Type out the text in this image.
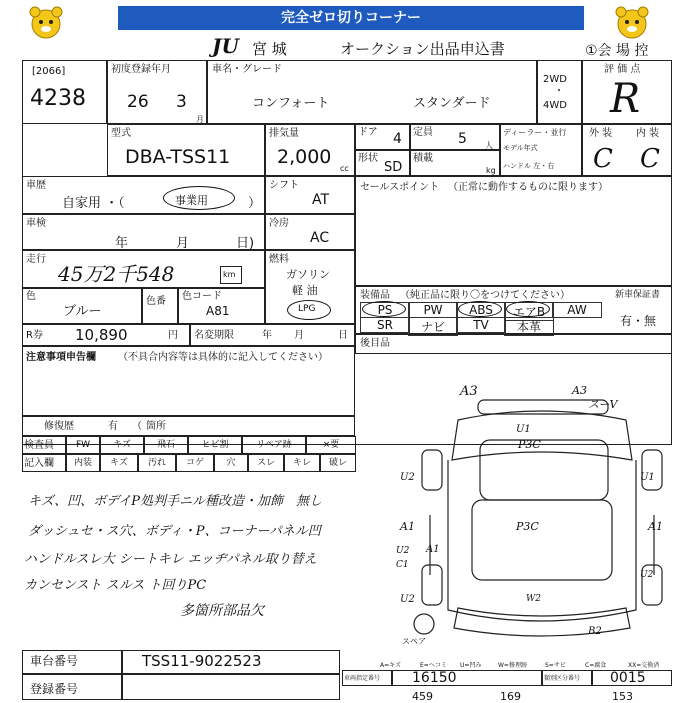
完全ゼロ切りコーナー
JU 宮 城	オークション出品申込書	①会 場 控
[2066]
4238
初度登録年月
26 3
月
車名・グレード
コンフォート	スタンダード
2WD
・
4WD
評 価 点
R
型式
DBA-TSS11
排気量
2,000
cc
ドア 4 定員 5 人
形状
SD
積載
kg
ディーラー・並行
モデル年式
ハンドル 左・右
外 装 内 装
C C
車歴
自家用 ・（	事業用	）
シフト
AT
セールスポイント （正常に動作するものに限ります）
車検
年	月	日)
冷房
AC
走行
45万2千548	km
燃料
ガソリン
軽 油
LPG
色
ブルー
色番 色コード
A81
装備品 （純正品に限り〇をつけてください）	新車保証書
有・無
PS	PW	ABS	エアB	AW
SR	ナビ	TV	本革
R券 10,890	円 名変期限	年 月	日
後目品
注意事項申告欄 （不具合内容等は具体的に記入してください）
修復歴	有 （ 箇所
検査員
記入欄
FW	キズ	飛石	ヒビ割	リペア跡	×要
内装	キズ	汚れ	コゲ	穴	スレ	キレ	破レ
キズ、凹、ボデイP処判手ニル種改造・加飾　無し
ダッシュセ・ス穴、ボディ・P、コーナーパネル凹
ハンドルスレ大 シートキレ エッヂパネル取り替え
カンセンスト スルス ト回りPC
多箇所部品欠
A3	A3
スーV
U1
P3C
U2
A1	A1
A1
U2
C1
U1
P3C
U2
W2
U2
B2
スペア
車台番号	TSS11-9022523
登録番号
A=キズ	E=ヘコミ U=凹み	W=修理跡	S=サビ	C=腐食	XX=交換済
車両指定番号 16150	類別区分番号 0015
459	169	153
